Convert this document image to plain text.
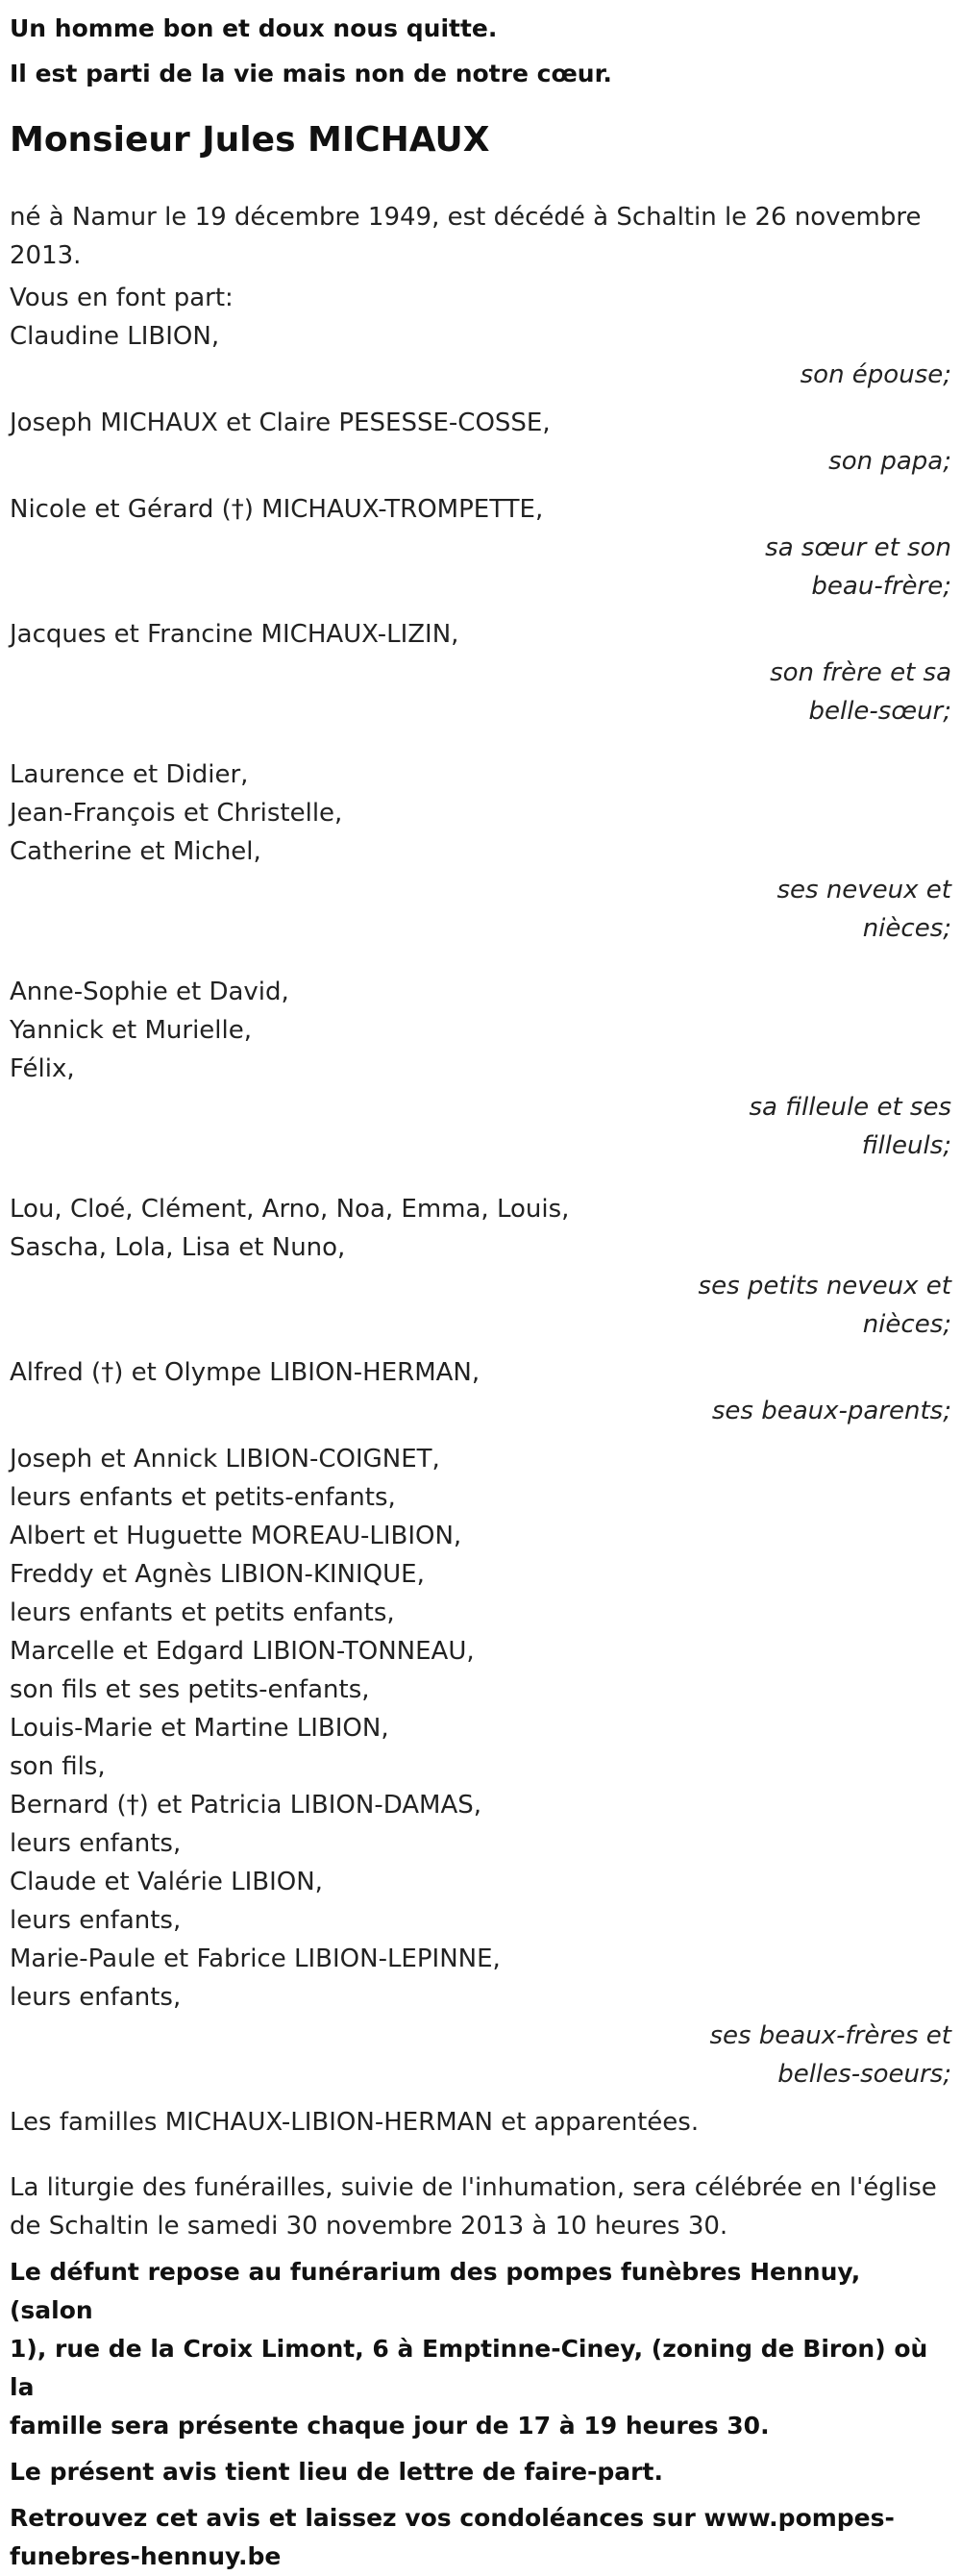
Un homme bon et doux nous quitte.
Il est parti de la vie mais non de notre cœur.
Monsieur Jules MICHAUX

né à Namur le 19 décembre 1949, est décédé à Schaltin le 26 novembre
2013.

Vous en font part:

Claudine LIBION,
son épouse;
Joseph MICHAUX et Claire PESESSE-COSSE,
son papa;
Nicole et Gérard (†) MICHAUX-TROMPETTE,
sa sœur et son
beau-frère;
Jacques et Francine MICHAUX-LIZIN,
son frère et sa
belle-sœur;
Laurence et Didier,
Jean-François et Christelle,
Catherine et Michel,
ses neveux et
nièces;
Anne-Sophie et David,
Yannick et Murielle,
Félix,
sa filleule et ses
filleuls;
Lou, Cloé, Clément, Arno, Noa, Emma, Louis,
Sascha, Lola, Lisa et Nuno,
ses petits neveux et
nièces;
Alfred (†) et Olympe LIBION-HERMAN,
ses beaux-parents;
Joseph et Annick LIBION-COIGNET,
leurs enfants et petits-enfants,
Albert et Huguette MOREAU-LIBION,
Freddy et Agnès LIBION-KINIQUE,
leurs enfants et petits enfants,
Marcelle et Edgard LIBION-TONNEAU,
son fils et ses petits-enfants,
Louis-Marie et Martine LIBION,
son fils,
Bernard (†) et Patricia LIBION-DAMAS,
leurs enfants,
Claude et Valérie LIBION,
leurs enfants,
Marie-Paule et Fabrice LIBION-LEPINNE,
leurs enfants,
ses beaux-frères et
belles-soeurs;

Les familles MICHAUX-LIBION-HERMAN et apparentées.

La liturgie des funérailles, suivie de l'inhumation, sera célébrée en l'église
de Schaltin le samedi 30 novembre 2013 à 10 heures 30.

Le défunt repose au funérarium des pompes funèbres Hennuy, (salon
1), rue de la Croix Limont, 6 à Emptinne-Ciney, (zoning de Biron) où la
famille sera présente chaque jour de 17 à 19 heures 30.

Le présent avis tient lieu de lettre de faire-part.

Retrouvez cet avis et laissez vos condoléances sur www.pompes-
funebres-hennuy.be
